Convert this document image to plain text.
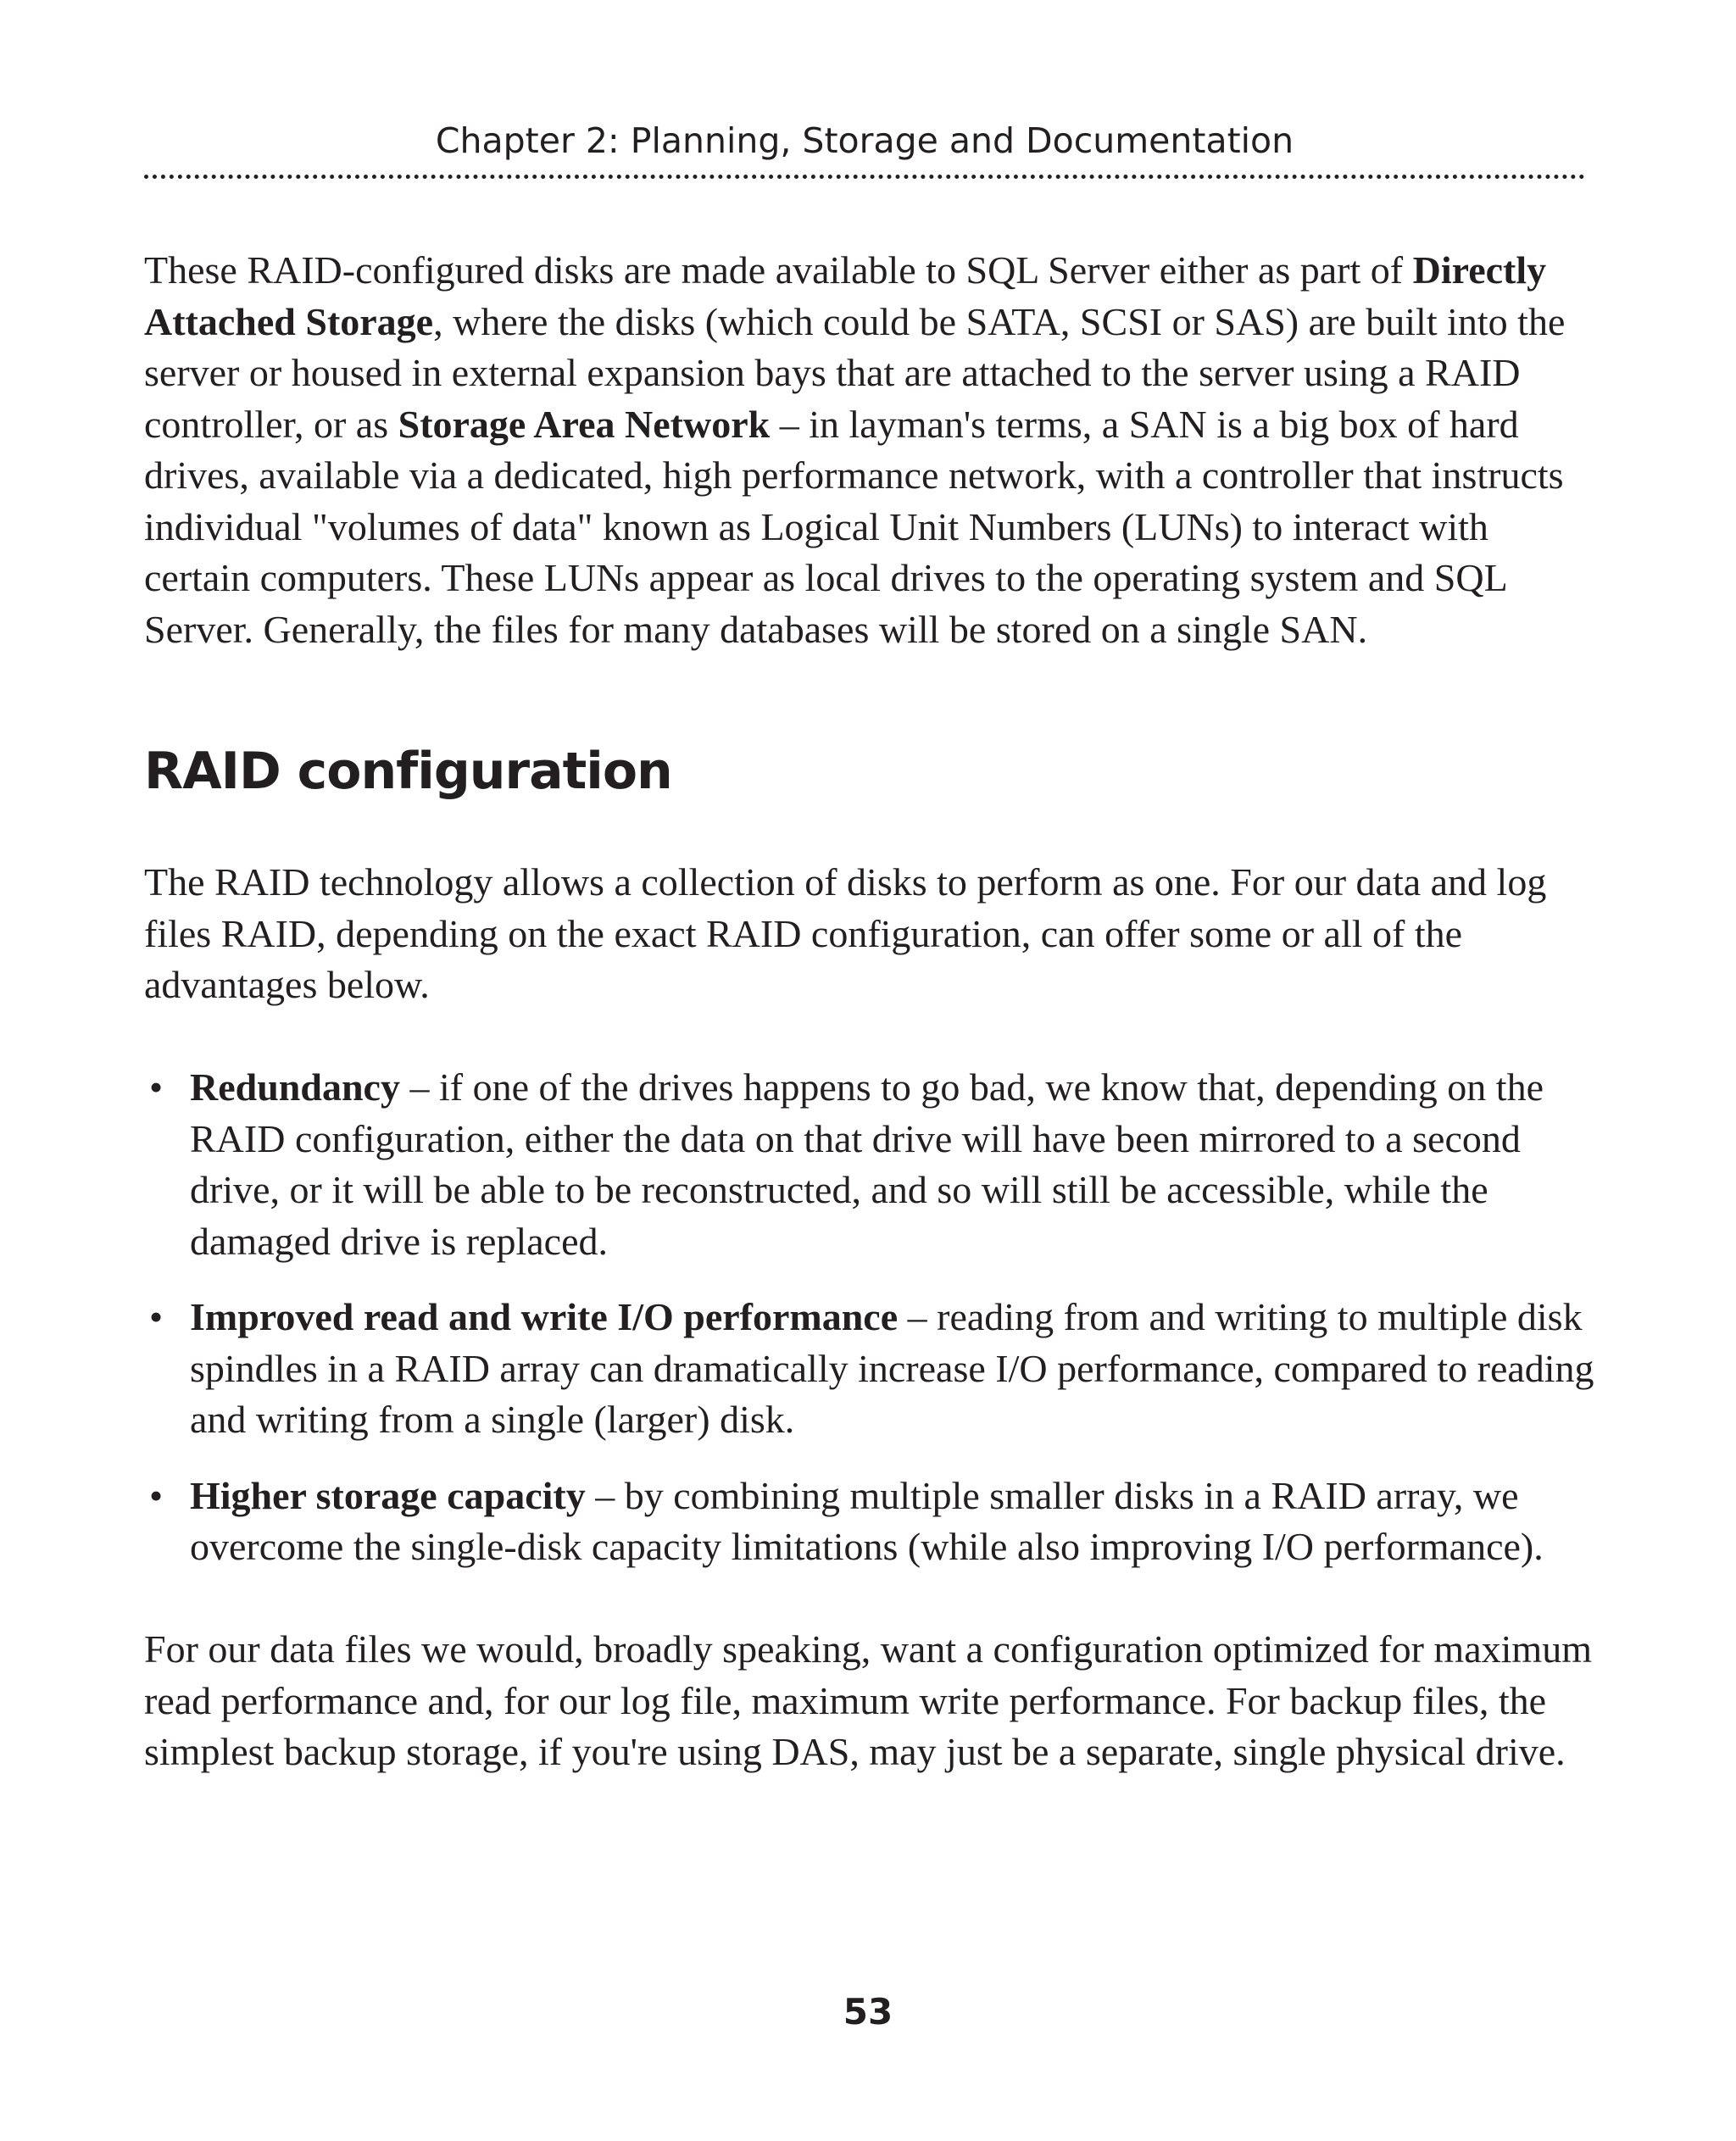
Chapter 2: Planning, Storage and Documentation

These RAID-configured disks are made available to SQL Server either as part of Directly Attached Storage, where the disks (which could be SATA, SCSI or SAS) are built into the server or housed in external expansion bays that are attached to the server using a RAID controller, or as Storage Area Network – in layman's terms, a SAN is a big box of hard drives, available via a dedicated, high performance network, with a controller that instructs individual "volumes of data" known as Logical Unit Numbers (LUNs) to interact with certain computers. These LUNs appear as local drives to the operating system and SQL Server. Generally, the files for many databases will be stored on a single SAN.

RAID configuration

The RAID technology allows a collection of disks to perform as one. For our data and log files RAID, depending on the exact RAID configuration, can offer some or all of the advantages below.

• Redundancy – if one of the drives happens to go bad, we know that, depending on the RAID configuration, either the data on that drive will have been mirrored to a second drive, or it will be able to be reconstructed, and so will still be accessible, while the damaged drive is replaced.
• Improved read and write I/O performance – reading from and writing to multiple disk spindles in a RAID array can dramatically increase I/O performance, compared to reading and writing from a single (larger) disk.
• Higher storage capacity – by combining multiple smaller disks in a RAID array, we overcome the single-disk capacity limitations (while also improving I/O performance).

For our data files we would, broadly speaking, want a configuration optimized for maximum read performance and, for our log file, maximum write performance. For backup files, the simplest backup storage, if you're using DAS, may just be a separate, single physical drive.

53
